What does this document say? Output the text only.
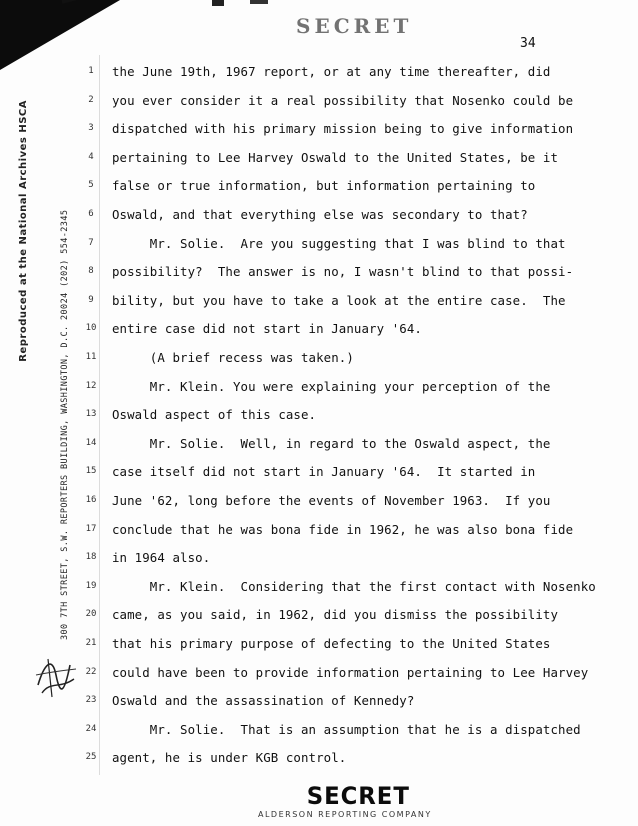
SECRET
34
Reproduced at the National Archives HSCA	300 7TH STREET, S.W. REPORTERS BUILDING, WASHINGTON, D.C. 20024 (202) 554-2345
1	the June 19th, 1967 report, or at any time thereafter, did
2	you ever consider it a real possibility that Nosenko could be
3	dispatched with his primary mission being to give information
4	pertaining to Lee Harvey Oswald to the United States, be it
5	false or true information, but information pertaining to
6	Oswald, and that everything else was secondary to that?
7	Mr. Solie.  Are you suggesting that I was blind to that
8	possibility?  The answer is no, I wasn't blind to that possi-
9	bility, but you have to take a look at the entire case.  The
10 entire case did not start in January '64.
11 (A brief recess was taken.)
12 Mr. Klein. You were explaining your perception of the
13 Oswald aspect of this case.
14 Mr. Solie.  Well, in regard to the Oswald aspect, the
15 case itself did not start in January '64.  It started in
16 June '62, long before the events of November 1963.  If you
17 conclude that he was bona fide in 1962, he was also bona fide
18 in 1964 also.
19 Mr. Klein.  Considering that the first contact with Nosenko
20 came, as you said, in 1962, did you dismiss the possibility
21 that his primary purpose of defecting to the United States
22 could have been to provide information pertaining to Lee Harvey
23 Oswald and the assassination of Kennedy?
24 Mr. Solie.  That is an assumption that he is a dispatched
25 agent, he is under KGB control.
SECRET
ALDERSON REPORTING COMPANY
